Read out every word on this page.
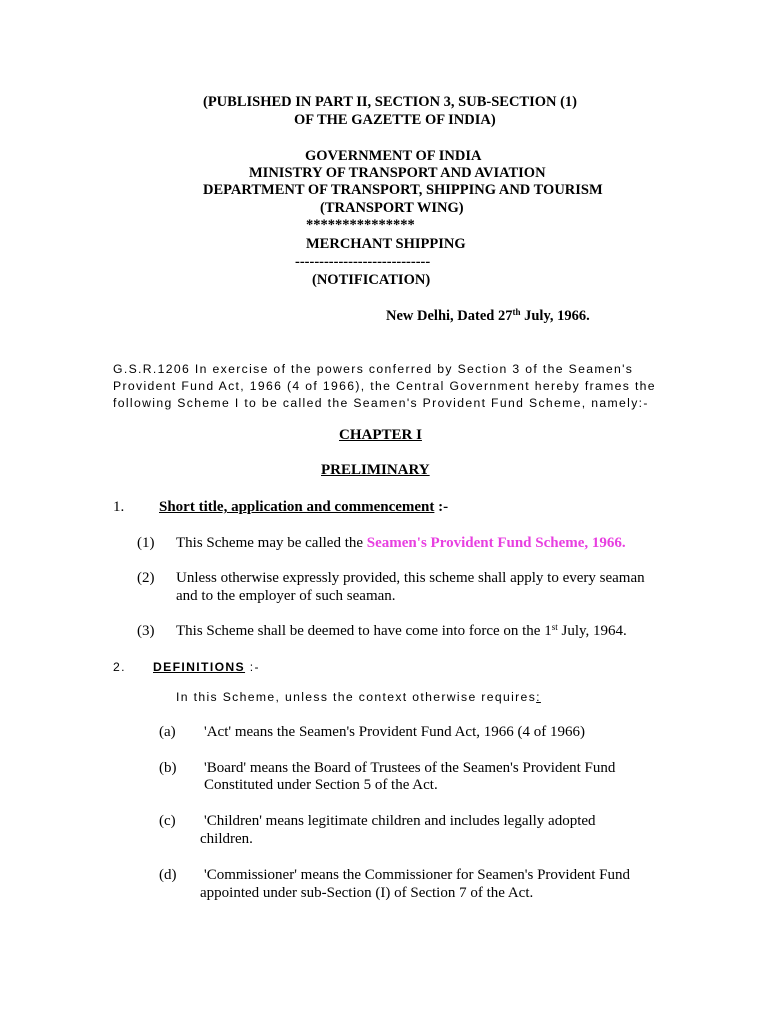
(PUBLISHED IN PART II, SECTION 3, SUB-SECTION (1)
OF THE GAZETTE OF INDIA)
GOVERNMENT OF INDIA
MINISTRY OF TRANSPORT AND AVIATION
DEPARTMENT OF TRANSPORT, SHIPPING AND TOURISM
(TRANSPORT WING)
***************
MERCHANT SHIPPING
----------------------------
(NOTIFICATION)
New Delhi, Dated 27th July, 1966.
G.S.R.1206 In exercise of the powers conferred by Section 3 of the Seamen's
Provident Fund Act, 1966 (4 of 1966), the Central Government hereby frames the
following Scheme I to be called the Seamen's Provident Fund Scheme, namely:-
CHAPTER I
PRELIMINARY
1. Short title, application and commencement :-
(1) This Scheme may be called the Seamen's Provident Fund Scheme, 1966.
(2) Unless otherwise expressly provided, this scheme shall apply to every seaman
and to the employer of such seaman.
(3) This Scheme shall be deemed to have come into force on the 1st July, 1964.
2. DEFINITIONS :-
In this Scheme, unless the context otherwise requires:
(a) 'Act' means the Seamen's Provident Fund Act, 1966 (4 of 1966)
(b) 'Board' means the Board of Trustees of the Seamen's Provident Fund
Constituted under Section 5 of the Act.
(c) 'Children' means legitimate children and includes legally adopted
children.
(d) 'Commissioner' means the Commissioner for Seamen's Provident Fund
appointed under sub-Section (I) of Section 7 of the Act.
